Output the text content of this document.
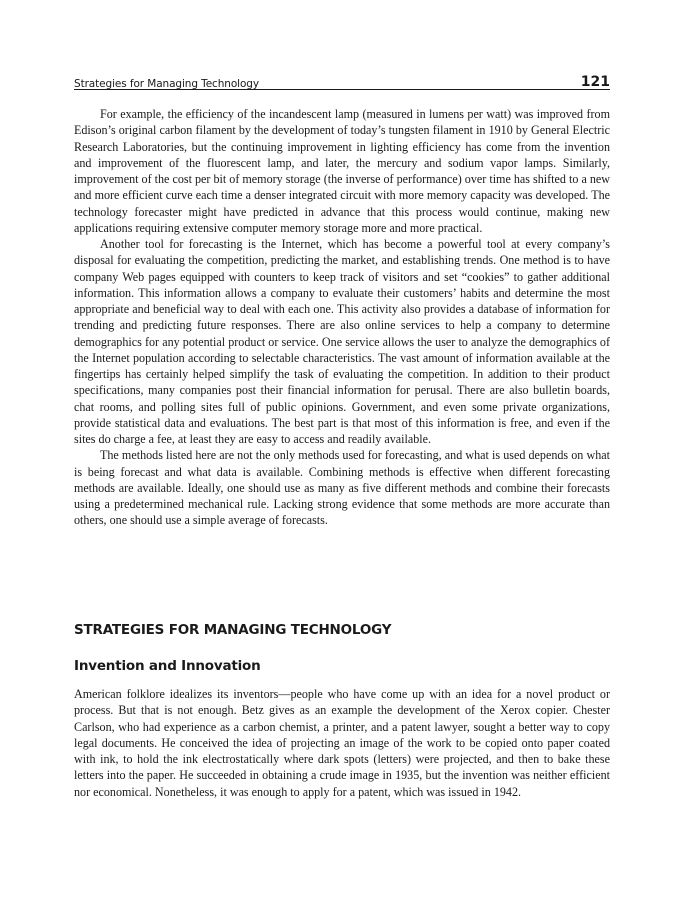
Strategies for Managing Technology	121

For example, the efficiency of the incandescent lamp (measured in lumens per watt) was improved from Edison’s original carbon filament by the development of today’s tungsten filament in 1910 by General Electric Research Laboratories, but the continuing improvement in lighting efficiency has come from the invention and improvement of the fluorescent lamp, and later, the mercury and sodium vapor lamps. Similarly, improvement of the cost per bit of memory storage (the inverse of performance) over time has shifted to a new and more efficient curve each time a denser integrated circuit with more memory capacity was developed. The technology forecaster might have predicted in advance that this process would continue, making new applications requiring extensive computer memory storage more and more practical.

Another tool for forecasting is the Internet, which has become a powerful tool at every company’s disposal for evaluating the competition, predicting the market, and establishing trends. One method is to have company Web pages equipped with counters to keep track of visitors and set “cookies” to gather additional information. This information allows a company to evaluate their customers’ habits and determine the most appropriate and beneficial way to deal with each one. This activity also provides a database of information for trending and predicting future responses. There are also online services to help a company to determine demographics for any potential product or service. One service allows the user to analyze the demographics of the Internet population according to selectable characteristics. The vast amount of information available at the fingertips has certainly helped simplify the task of evaluating the competition. In addition to their product specifications, many companies post their financial information for perusal. There are also bulletin boards, chat rooms, and polling sites full of public opinions. Government, and even some private organizations, provide statistical data and evaluations. The best part is that most of this information is free, and even if the sites do charge a fee, at least they are easy to access and readily available.

The methods listed here are not the only methods used for forecasting, and what is used depends on what is being forecast and what data is available. Combining methods is effective when different forecasting methods are available. Ideally, one should use as many as five different methods and combine their forecasts using a predetermined mechanical rule. Lacking strong evidence that some methods are more accurate than others, one should use a simple average of forecasts.

STRATEGIES FOR MANAGING TECHNOLOGY
Invention and Innovation

American folklore idealizes its inventors—people who have come up with an idea for a novel product or process. But that is not enough. Betz gives as an example the development of the Xerox copier. Chester Carlson, who had experience as a carbon chemist, a printer, and a patent lawyer, sought a better way to copy legal documents. He conceived the idea of projecting an image of the work to be copied onto paper coated with ink, to hold the ink electrostatically where dark spots (letters) were projected, and then to bake these letters into the paper. He succeeded in obtaining a crude image in 1935, but the invention was neither efficient nor economical. Nonetheless, it was enough to apply for a patent, which was issued in 1942.
